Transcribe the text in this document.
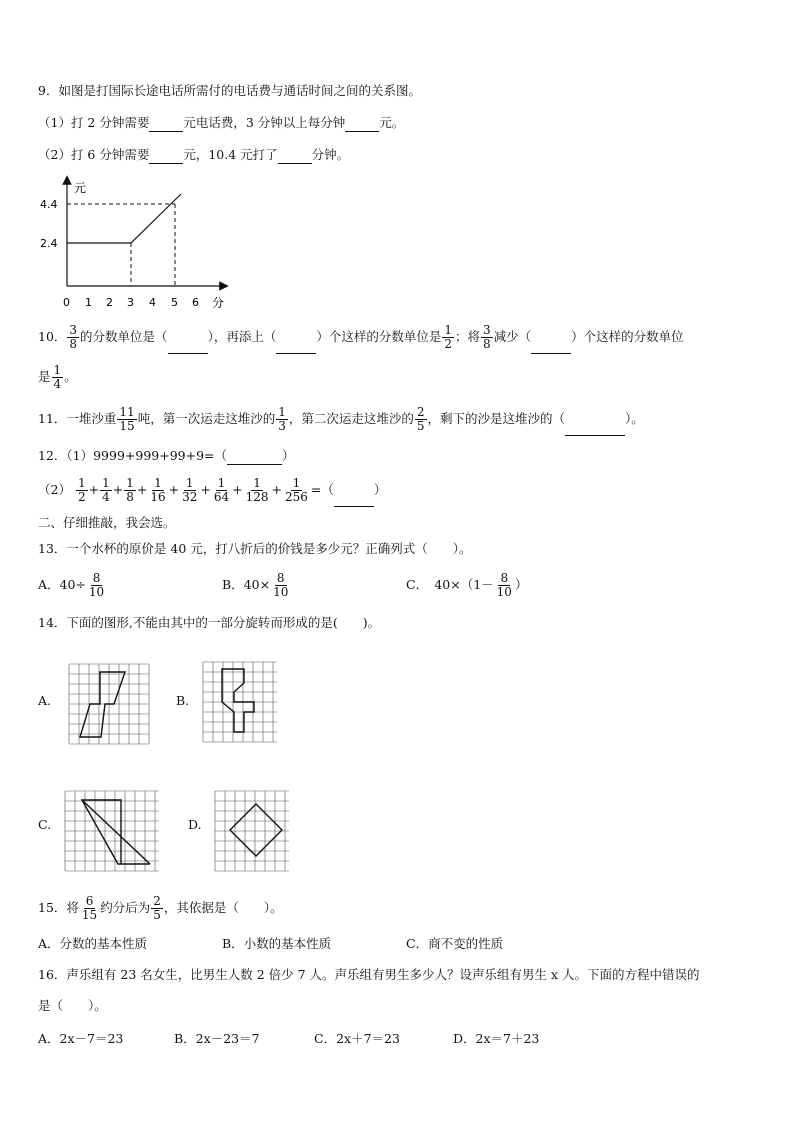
9．如图是打国际长途电话所需付的电话费与通话时间之间的关系图。
（1）打 2 分钟需要	元电话费，3 分钟以上每分钟	元。
（2）打 6 分钟需要	元，10.4 元打了	分钟。
元
4.4
2.4
0 1 2 3 4 5 6 分
10． $\frac{3}{8}$ 的分数单位是（	），再添上（	）个这样的分数单位是 $\frac{1}{2}$ ；将 $\frac{3}{8}$ 减少（	）个这样的分数单位
是 $\frac{1}{4}$ 。
11．一堆沙重 $\frac{11}{15}$ 吨，第一次运走这堆沙的 $\frac{1}{3}$ ，第二次运走这堆沙的 $\frac{2}{5}$ ，剩下的沙是这堆沙的（	）。
12．（1）9999+999+99+9=（	）
$(2) \frac{1}{2} + \frac{1}{4} + \frac{1}{8} + \frac{1}{16} + \frac{1}{32} + \frac{1}{64} + \frac{1}{128} + \frac{1}{256}$ =（	）
二、仔细推敲，我会选。
13．一个水杯的原价是 40 元，打八折后的价钱是多少元？正确列式（　　）。
A．$40\div \frac{8}{10}$	B．$40\times \frac{8}{10}$	C．　$40\times(1- \frac{8}{10}$ ）
14．下面的图形,不能由其中的一部分旋转而形成的是(　　)。
A.	B.
C.	D.
15．将 $\frac{6}{15}$ 约分后为 $\frac{2}{5}$ ，其依据是（　　）。
A．分数的基本性质	B．小数的基本性质	C．商不变的性质
16．声乐组有 23 名女生，比男生人数 2 倍少 7 人。声乐组有男生多少人？设声乐组有男生 x 人。下面的方程中错误的
是（　　）。
A．2x－7＝23	B．2x－23＝7	C．2x＋7＝23	D．2x＝7＋23
